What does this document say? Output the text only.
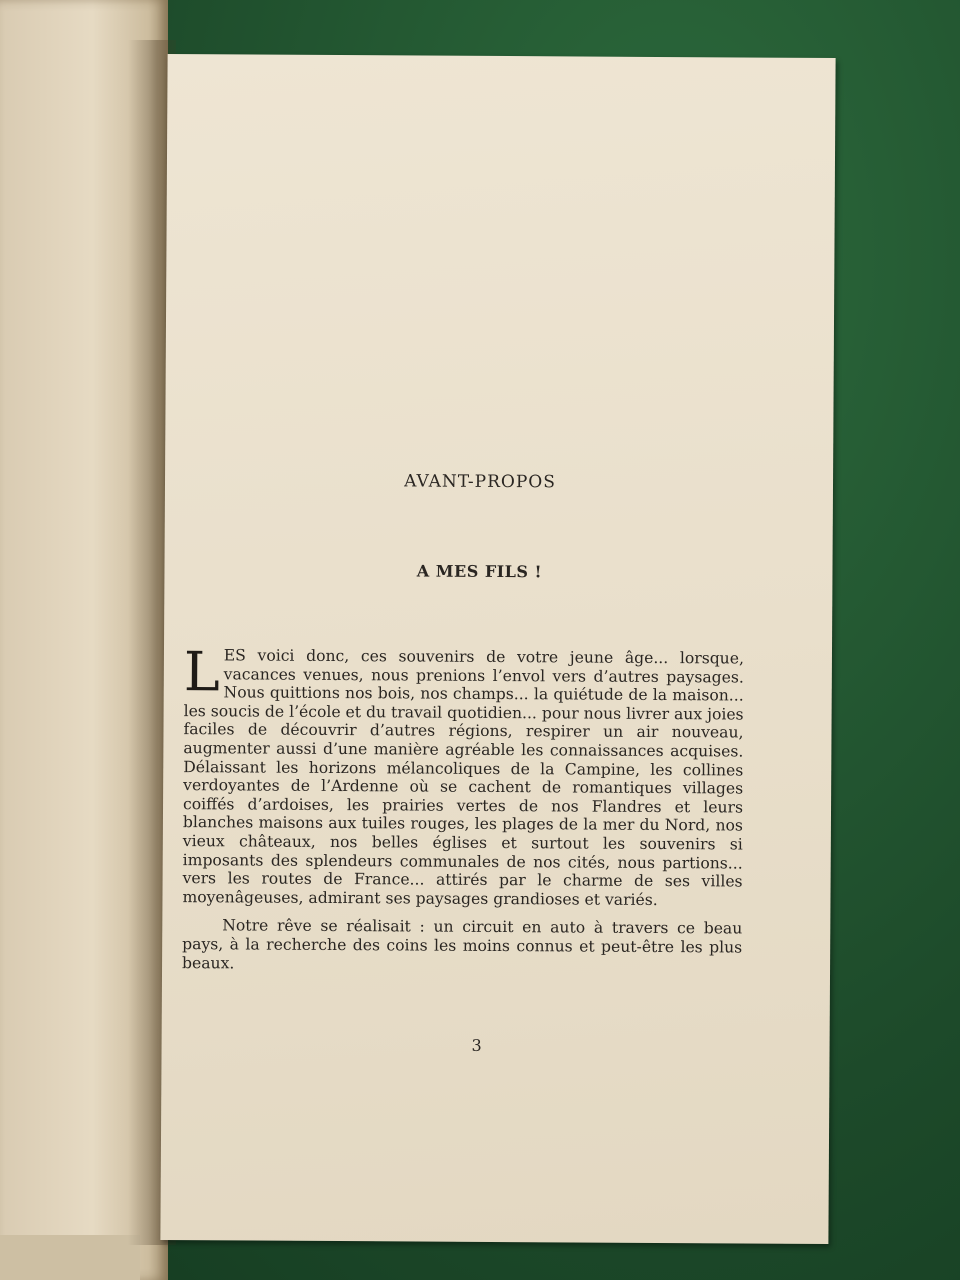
AVANT-PROPOS
A MES FILS !

LES voici donc, ces souvenirs de votre jeune âge... lorsque, vacances venues, nous prenions l’envol vers d’autres paysages. Nous quittions nos bois, nos champs... la quiétude de la maison... les soucis de l’école et du travail quotidien... pour nous livrer aux joies faciles de découvrir d’autres régions, respirer un air nouveau, augmenter aussi d’une manière agréable les connaissances acquises. Délaissant les horizons mélancoliques de la Campine, les collines verdoyantes de l’Ardenne où se cachent de romantiques villages coiffés d’ardoises, les prairies vertes de nos Flandres et leurs blanches maisons aux tuiles rouges, les plages de la mer du Nord, nos vieux châteaux, nos belles églises et surtout les souvenirs si imposants des splendeurs communales de nos cités, nous partions... vers les routes de France... attirés par le charme de ses villes moyenâgeuses, admirant ses paysages grandioses et variés.

Notre rêve se réalisait : un circuit en auto à travers ce beau pays, à la recherche des coins les moins connus et peut-être les plus beaux.

3
